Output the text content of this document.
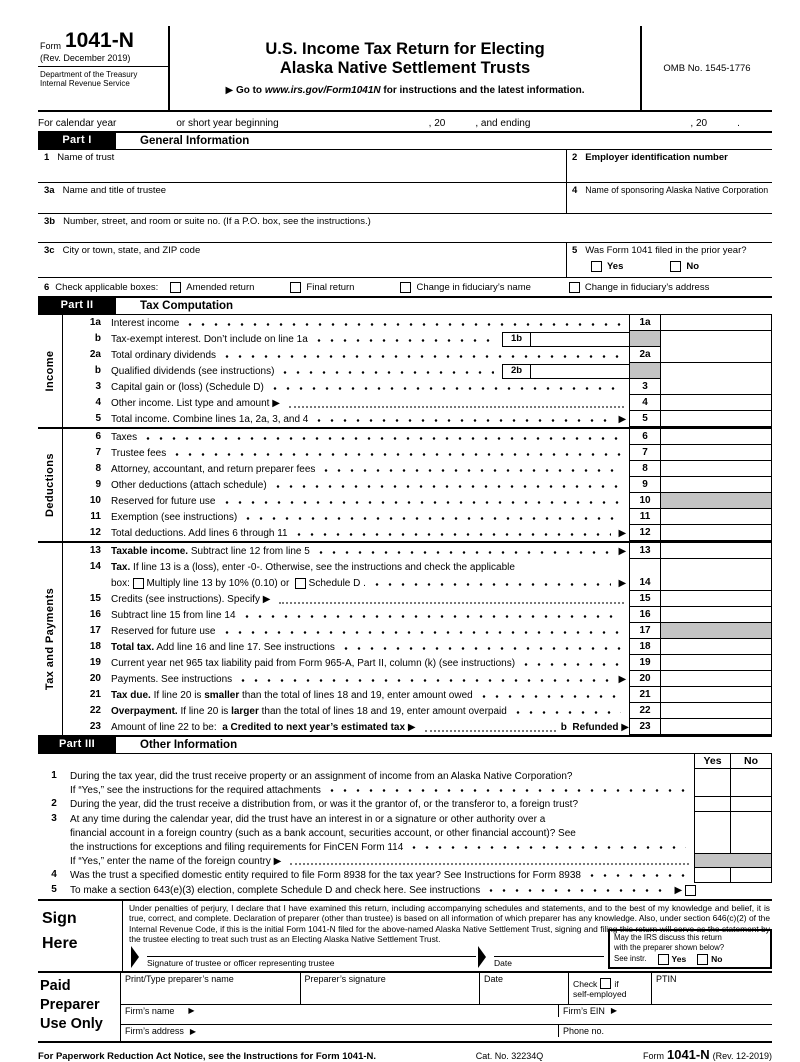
Form 1041-N
(Rev. December 2019)
Department of the Treasury
Internal Revenue Service
U.S. Income Tax Return for Electing
Alaska Native Settlement Trusts
▶ Go to www.irs.gov/Form1041N for instructions and the latest information.
OMB No. 1545-1776
For calendar year	or short year beginning	, 20	, and ending	, 20	.
Part I	General Information
1 Name of trust	2 Employer identification number
3a Name and title of trustee	4 Name of sponsoring Alaska Native Corporation
3b Number, street, and room or suite no. (If a P.O. box, see the instructions.)
3c City or town, state, and ZIP code	5 Was Form 1041 filed in the prior year?
Yes	No
6 Check applicable boxes:	Amended return	Final return	Change in fiduciary’s name	Change in fiduciary’s address
Part II	Tax Computation
Income
1a	Interest income	1a
b	Tax-exempt interest. Don’t include on line 1a	1b
2a	Total ordinary dividends	2a
b	Qualified dividends (see instructions)	2b
3	Capital gain or (loss) (Schedule D)	3
4	Other income. List type and amount ▶	4
5	Total income. Combine lines 1a, 2a, 3, and 4	▶ 5
Deductions
6	Taxes	6
7	Trustee fees	7
8	Attorney, accountant, and return preparer fees	8
9	Other deductions (attach schedule)	9
10	Reserved for future use	10
11	Exemption (see instructions)	11
12	Total deductions. Add lines 6 through 11	▶ 12
Tax and Payments
13	Taxable income. Subtract line 12 from line 5	▶ 13
14	Tax. If line 13 is a (loss), enter -0-. Otherwise, see the instructions and check the applicable
box: Multiply line 13 by 10% (0.10) or Schedule D .	▶ 14
15	Credits (see instructions). Specify ▶	15
16	Subtract line 15 from line 14	16
17	Reserved for future use	17
18	Total tax. Add line 16 and line 17. See instructions	18
19	Current year net 965 tax liability paid from Form 965-A, Part II, column (k) (see instructions)	19
20	Payments. See instructions	▶ 20
21	Tax due. If line 20 is smaller than the total of lines 18 and 19, enter amount owed	21
22	Overpayment. If line 20 is larger than the total of lines 18 and 19, enter amount overpaid	22
23	Amount of line 22 to be: a Credited to next year’s estimated tax ▶	b  Refunded ▶ 23
Part III	Other Information
Yes	No
1	During the tax year, did the trust receive property or an assignment of income from an Alaska Native Corporation?
If “Yes,” see the instructions for the required attachments
2	During the year, did the trust receive a distribution from, or was it the grantor of, or the transferor to, a foreign trust?
3	At any time during the calendar year, did the trust have an interest in or a signature or other authority over a
financial account in a foreign country (such as a bank account, securities account, or other financial account)? See
the instructions for exceptions and filing requirements for FinCEN Form 114
If “Yes,” enter the name of the foreign country ▶
4	Was the trust a specified domestic entity required to file Form 8938 for the tax year? See Instructions for Form 8938
5	To make a section 643(e)(3) election, complete Schedule D and check here. See instructions	▶
Sign
Here
Under penalties of perjury, I declare that I have examined this return, including accompanying schedules and statements, and to the best of my knowledge and belief, it is true, correct, and complete. Declaration of preparer (other than trustee) is based on all information of which preparer has any knowledge. Also, under section 646(c)(2) of the Internal Revenue Code, if this is the initial Form 1041-N filed for the above-named Alaska Native Settlement Trust, signing and filing this return will serve as the statement by the trustee electing to treat such trust as an Electing Alaska Native Settlement Trust.
Signature of trustee or officer representing trustee	Date
May the IRS discuss this return
with the preparer shown below?
See instr.	Yes	No
Paid
Preparer
Use Only
Print/Type preparer’s name	Preparer’s signature	Date	Check if
self-employed
PTIN
Firm’s name ▶	Firm’s EIN ▶
Firm’s address ▶	Phone no.
For Paperwork Reduction Act Notice, see the Instructions for Form 1041-N.	Cat. No. 32234Q	Form 1041-N (Rev. 12-2019)
